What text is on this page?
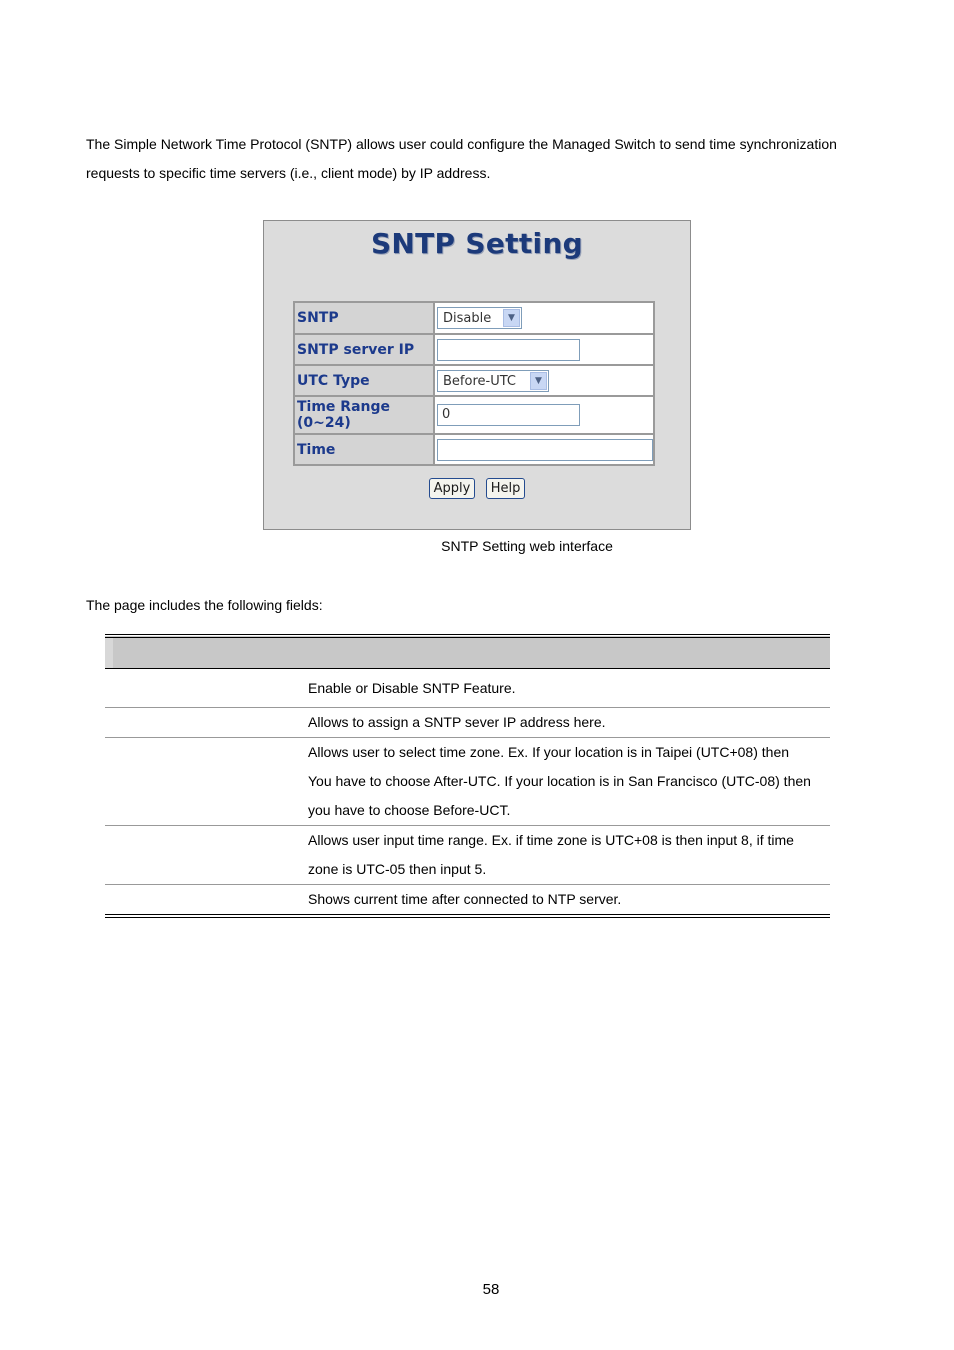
The Simple Network Time Protocol (SNTP) allows user could configure the Managed Switch to send time synchronization requests to specific time servers (i.e., client mode) by IP address.

SNTP Setting
SNTP	Disable ▼

SNTP server IP	
UTC Type	Before-UTC ▼

Time Range
(0~24)	0
Time	
Apply Help
SNTP Setting web interface

The page includes the following fields:

	Enable or Disable SNTP Feature.
	Allows to assign a SNTP sever IP address here.

	Allows user to select time zone. Ex. If your location is in Taipei (UTC+08) then
You have to choose After-UTC. If your location is in San Francisco (UTC-08) then
you have to choose Before-UCT.

	Allows user input time range. Ex. if time zone is UTC+08 is then input 8, if time
zone is UTC-05 then input 5.

	Shows current time after connected to NTP server.
58
